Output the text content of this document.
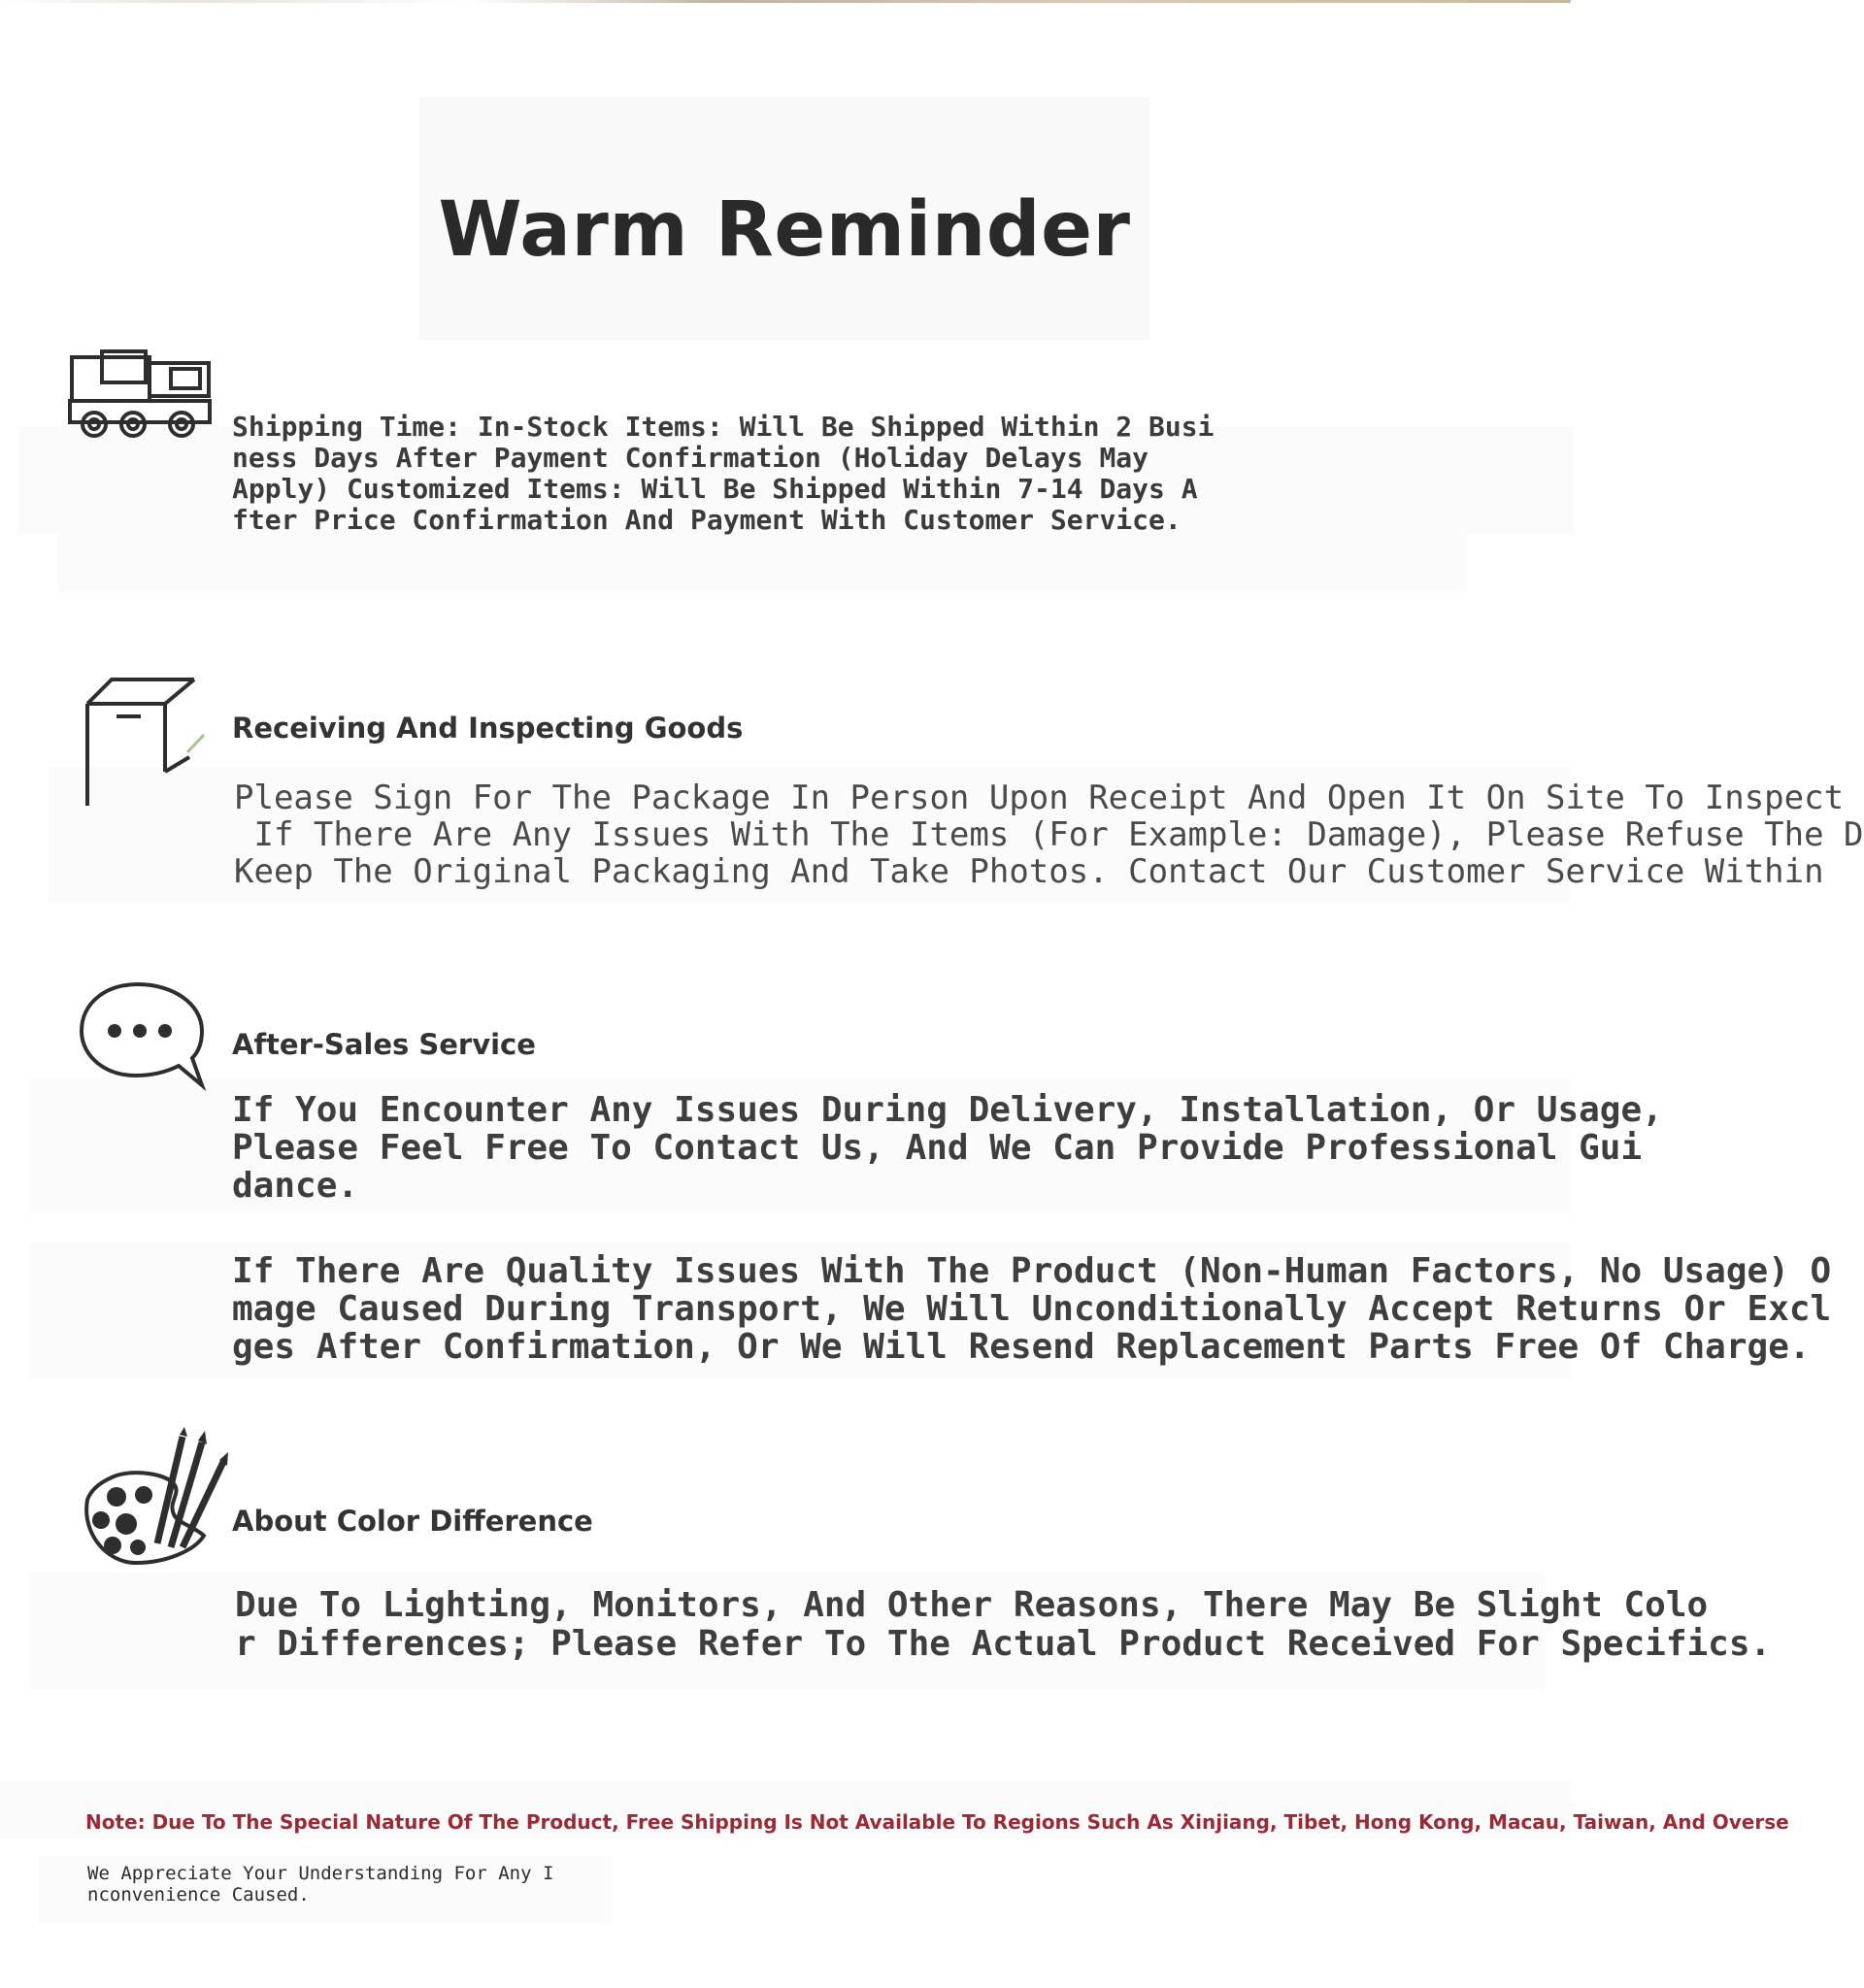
Warm Reminder
Shipping Time: In-Stock Items: Will Be Shipped Within 2 Busi
ness Days After Payment Confirmation (Holiday Delays May
Apply) Customized Items: Will Be Shipped Within 7-14 Days A
fter Price Confirmation And Payment With Customer Service.
Receiving And Inspecting Goods
Please Sign For The Package In Person Upon Receipt And Open It On Site To Inspect
If There Are Any Issues With The Items (For Example: Damage), Please Refuse The D
Keep The Original Packaging And Take Photos. Contact Our Customer Service Within
After-Sales Service
If You Encounter Any Issues During Delivery, Installation, Or Usage,
Please Feel Free To Contact Us, And We Can Provide Professional Gui
dance.
If There Are Quality Issues With The Product (Non-Human Factors, No Usage) O
mage Caused During Transport, We Will Unconditionally Accept Returns Or Excl
ges After Confirmation, Or We Will Resend Replacement Parts Free Of Charge.
About Color Difference
Due To Lighting, Monitors, And Other Reasons, There May Be Slight Colo
r Differences; Please Refer To The Actual Product Received For Specifics.
Note: Due To The Special Nature Of The Product, Free Shipping Is Not Available To Regions Such As Xinjiang, Tibet, Hong Kong, Macau, Taiwan, And Overse
We Appreciate Your Understanding For Any I
nconvenience Caused.
